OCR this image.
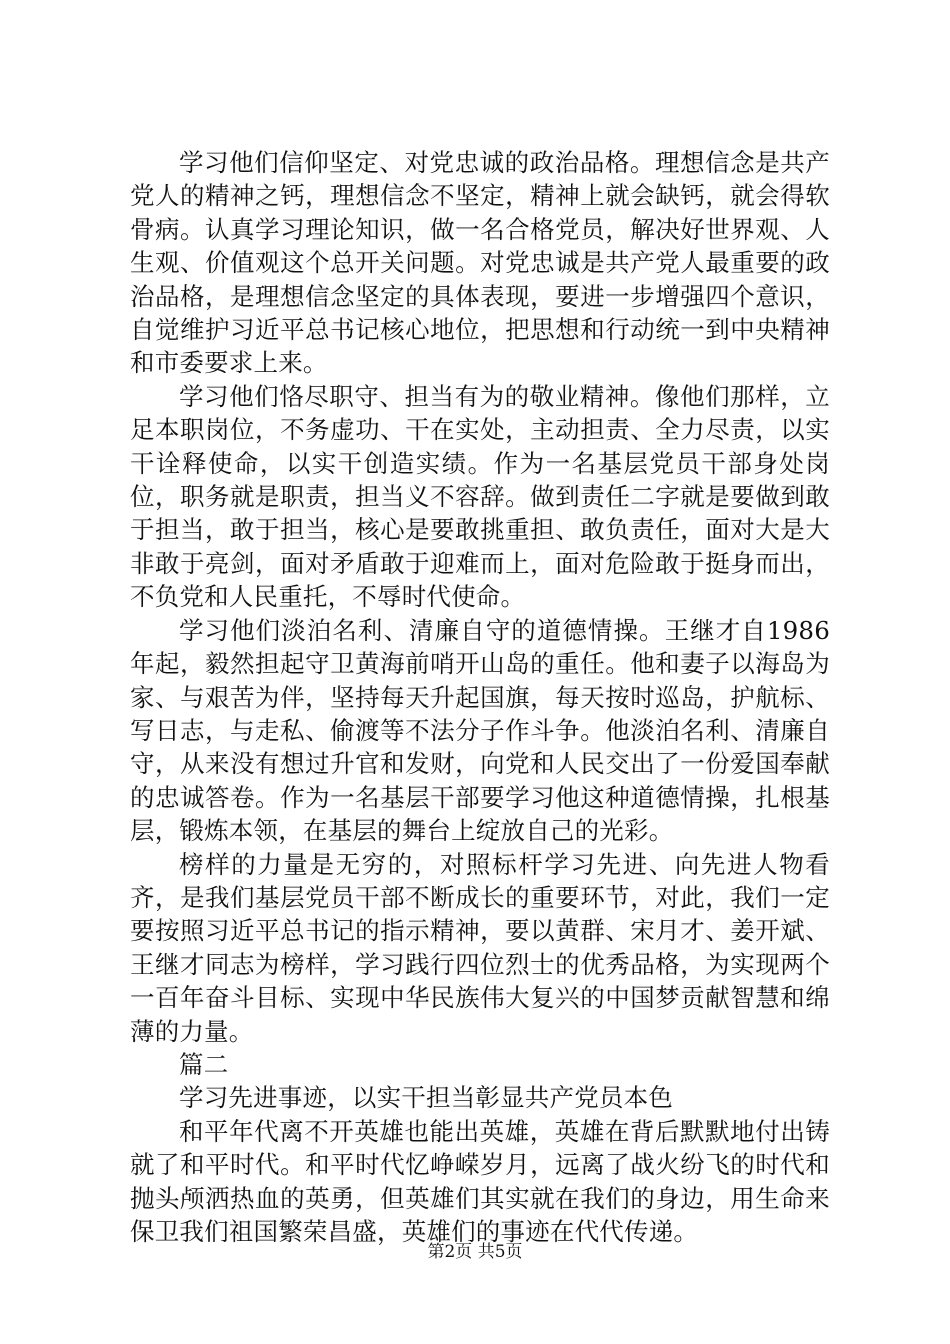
学习他们信仰坚定、对党忠诚的政治品格。理想信念是共产党人的精神之钙，理想信念不坚定，精神上就会缺钙，就会得软骨病。认真学习理论知识，做一名合格党员，解决好世界观、人生观、价值观这个总开关问题。对党忠诚是共产党人最重要的政治品格，是理想信念坚定的具体表现，要进一步增强四个意识，自觉维护习近平总书记核心地位，把思想和行动统一到中央精神和市委要求上来。

学习他们恪尽职守、担当有为的敬业精神。像他们那样，立足本职岗位，不务虚功、干在实处，主动担责、全力尽责，以实干诠释使命，以实干创造实绩。作为一名基层党员干部身处岗位，职务就是职责，担当义不容辞。做到责任二字就是要做到敢于担当，敢于担当，核心是要敢挑重担、敢负责任，面对大是大非敢于亮剑，面对矛盾敢于迎难而上，面对危险敢于挺身而出，不负党和人民重托，不辱时代使命。

学习他们淡泊名利、清廉自守的道德情操。王继才自1986年起，毅然担起守卫黄海前哨开山岛的重任。他和妻子以海岛为家、与艰苦为伴，坚持每天升起国旗，每天按时巡岛，护航标、写日志，与走私、偷渡等不法分子作斗争。他淡泊名利、清廉自守，从来没有想过升官和发财，向党和人民交出了一份爱国奉献的忠诚答卷。作为一名基层干部要学习他这种道德情操，扎根基层，锻炼本领，在基层的舞台上绽放自己的光彩。

榜样的力量是无穷的，对照标杆学习先进、向先进人物看齐，是我们基层党员干部不断成长的重要环节，对此，我们一定要按照习近平总书记的指示精神，要以黄群、宋月才、姜开斌、王继才同志为榜样，学习践行四位烈士的优秀品格，为实现两个一百年奋斗目标、实现中华民族伟大复兴的中国梦贡献智慧和绵薄的力量。

篇二

学习先进事迹，以实干担当彰显共产党员本色

和平年代离不开英雄也能出英雄，英雄在背后默默地付出铸就了和平时代。和平时代忆峥嵘岁月，远离了战火纷飞的时代和抛头颅洒热血的英勇，但英雄们其实就在我们的身边，用生命来保卫我们祖国繁荣昌盛，英雄们的事迹在代代传递。

第2页 共5页
